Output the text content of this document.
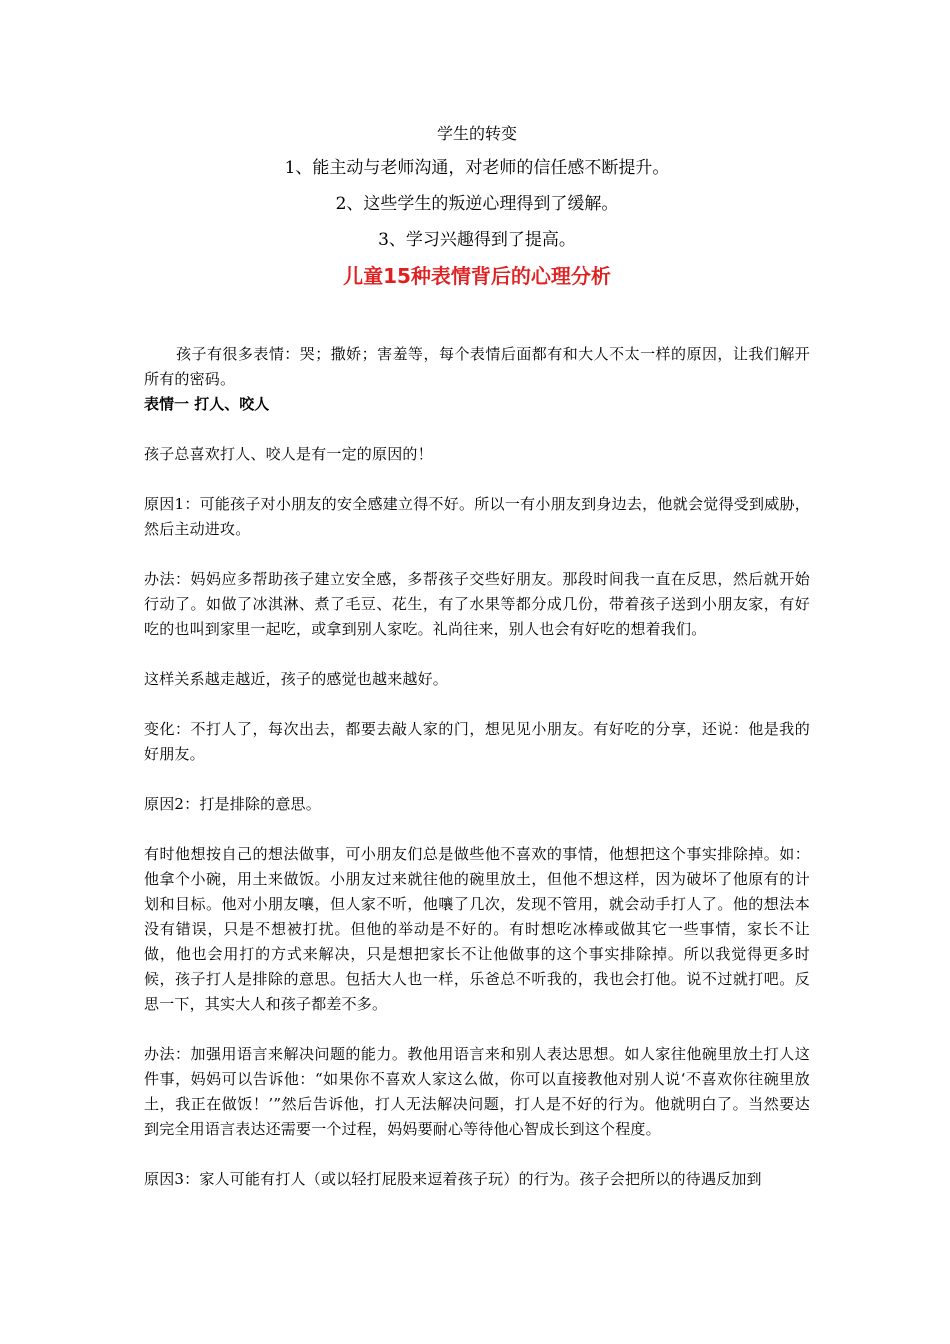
学生的转变

1、能主动与老师沟通，对老师的信任感不断提升。

2、这些学生的叛逆心理得到了缓解。

3、学习兴趣得到了提高。

儿童15种表情背后的心理分析

孩子有很多表情：哭；撒娇；害羞等，每个表情后面都有和大人不太一样的原因，让我们解开所有的密码。

表情一 打人、咬人

孩子总喜欢打人、咬人是有一定的原因的！

原因1：可能孩子对小朋友的安全感建立得不好。所以一有小朋友到身边去，他就会觉得受到威胁，然后主动进攻。

办法：妈妈应多帮助孩子建立安全感，多帮孩子交些好朋友。那段时间我一直在反思，然后就开始行动了。如做了冰淇淋、煮了毛豆、花生，有了水果等都分成几份，带着孩子送到小朋友家，有好吃的也叫到家里一起吃，或拿到别人家吃。礼尚往来，别人也会有好吃的想着我们。

这样关系越走越近，孩子的感觉也越来越好。

变化：不打人了，每次出去，都要去敲人家的门，想见见小朋友。有好吃的分享，还说：他是我的好朋友。

原因2：打是排除的意思。

有时他想按自己的想法做事，可小朋友们总是做些他不喜欢的事情，他想把这个事实排除掉。如：他拿个小碗，用土来做饭。小朋友过来就往他的碗里放土，但他不想这样，因为破坏了他原有的计划和目标。他对小朋友嚷，但人家不听，他嚷了几次，发现不管用，就会动手打人了。他的想法本没有错误，只是不想被打扰。但他的举动是不好的。有时想吃冰棒或做其它一些事情，家长不让做，他也会用打的方式来解决，只是想把家长不让他做事的这个事实排除掉。所以我觉得更多时候，孩子打人是排除的意思。包括大人也一样，乐爸总不听我的，我也会打他。说不过就打吧。反思一下，其实大人和孩子都差不多。

办法：加强用语言来解决问题的能力。教他用语言来和别人表达思想。如人家往他碗里放土打人这件事，妈妈可以告诉他：“如果你不喜欢人家这么做，你可以直接教他对别人说‘不喜欢你往碗里放土，我正在做饭！’”然后告诉他，打人无法解决问题，打人是不好的行为。他就明白了。当然要达到完全用语言表达还需要一个过程，妈妈要耐心等待他心智成长到这个程度。

原因3：家人可能有打人（或以轻打屁股来逗着孩子玩）的行为。孩子会把所以的待遇反加到
